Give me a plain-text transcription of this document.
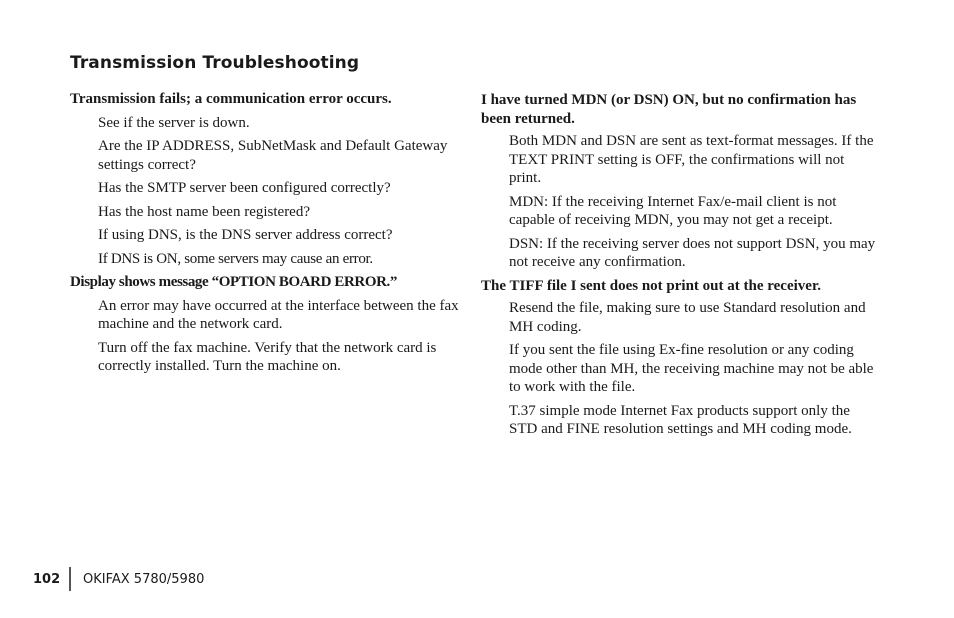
Transmission Troubleshooting
Transmission fails; a communication error occurs.
See if the server is down.
Are the IP ADDRESS, SubNetMask and Default Gateway settings correct?
Has the SMTP server been configured correctly?
Has the host name been registered?
If using DNS, is the DNS server address correct?
If DNS is ON, some servers may cause an error.
Display shows message “OPTION BOARD ERROR.”
An error may have occurred at the interface between the fax machine and the network card.
Turn off the fax machine. Verify that the network card is correctly installed. Turn the machine on.
I have turned MDN (or DSN) ON, but no confirmation has been returned.
Both MDN and DSN are sent as text-format messages. If the TEXT PRINT setting is OFF, the confirmations will not print.
MDN: If the receiving Internet Fax/e-mail client is not capable of receiving MDN, you may not get a receipt.
DSN: If the receiving server does not support DSN, you may not receive any confirmation.
The TIFF file I sent does not print out at the receiver.
Resend the file, making sure to use Standard resolution and MH coding.
If you sent the file using Ex-fine resolution or any coding mode other than MH, the receiving machine may not be able to work with the file.
T.37 simple mode Internet Fax products support only the STD and FINE resolution settings and MH coding mode.
102	OKIFAX 5780/5980
